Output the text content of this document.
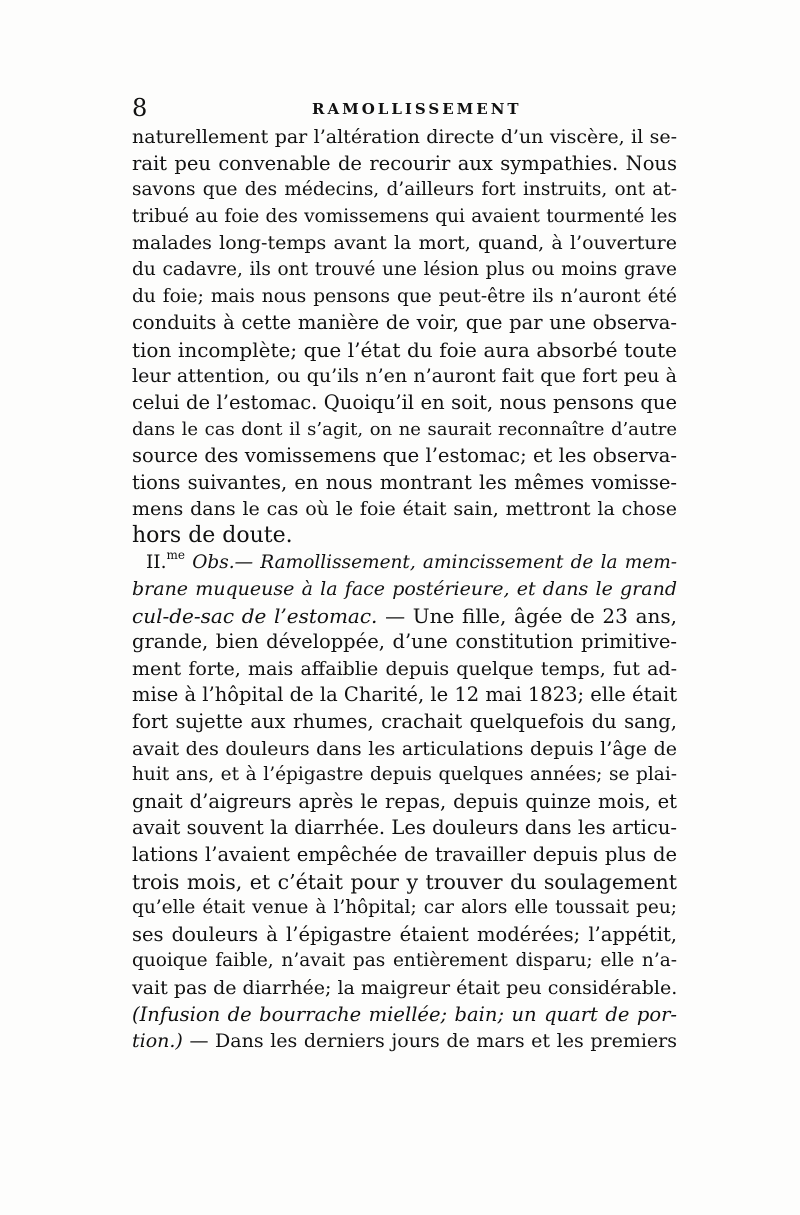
8	RAMOLLISSEMENT
naturellement par l’altération directe d’un viscère, il se-
rait peu convenable de recourir aux sympathies. Nous
savons que des médecins, d’ailleurs fort instruits, ont at-
tribué au foie des vomissemens qui avaient tourmenté les
malades long-temps avant la mort, quand, à l’ouverture
du cadavre, ils ont trouvé une lésion plus ou moins grave
du foie; mais nous pensons que peut-être ils n’auront été
conduits à cette manière de voir, que par une observa-
tion incomplète; que l’état du foie aura absorbé toute
leur attention, ou qu’ils n’en n’auront fait que fort peu à
celui de l’estomac. Quoiqu’il en soit, nous pensons que
dans le cas dont il s’agit, on ne saurait reconnaître d’autre
source des vomissemens que l’estomac; et les observa-
tions suivantes, en nous montrant les mêmes vomisse-
mens dans le cas où le foie était sain, mettront la chose
hors de doute.
II.$^{me}$ Obs.— Ramollissement, amincissement de la mem-
brane muqueuse à la face postérieure, et dans le grand
cul-de-sac de l’estomac. — Une fille, âgée de 23 ans,
grande, bien développée, d’une constitution primitive-
ment forte, mais affaiblie depuis quelque temps, fut ad-
mise à l’hôpital de la Charité, le 12 mai 1823; elle était
fort sujette aux rhumes, crachait quelquefois du sang,
avait des douleurs dans les articulations depuis l’âge de
huit ans, et à l’épigastre depuis quelques années; se plai-
gnait d’aigreurs après le repas, depuis quinze mois, et
avait souvent la diarrhée. Les douleurs dans les articu-
lations l’avaient empêchée de travailler depuis plus de
trois mois, et c’était pour y trouver du soulagement
qu’elle était venue à l’hôpital; car alors elle toussait peu;
ses douleurs à l’épigastre étaient modérées; l’appétit,
quoique faible, n’avait pas entièrement disparu; elle n’a-
vait pas de diarrhée; la maigreur était peu considérable.
(Infusion de bourrache miellée; bain; un quart de por-
tion.) — Dans les derniers jours de mars et les premiers
